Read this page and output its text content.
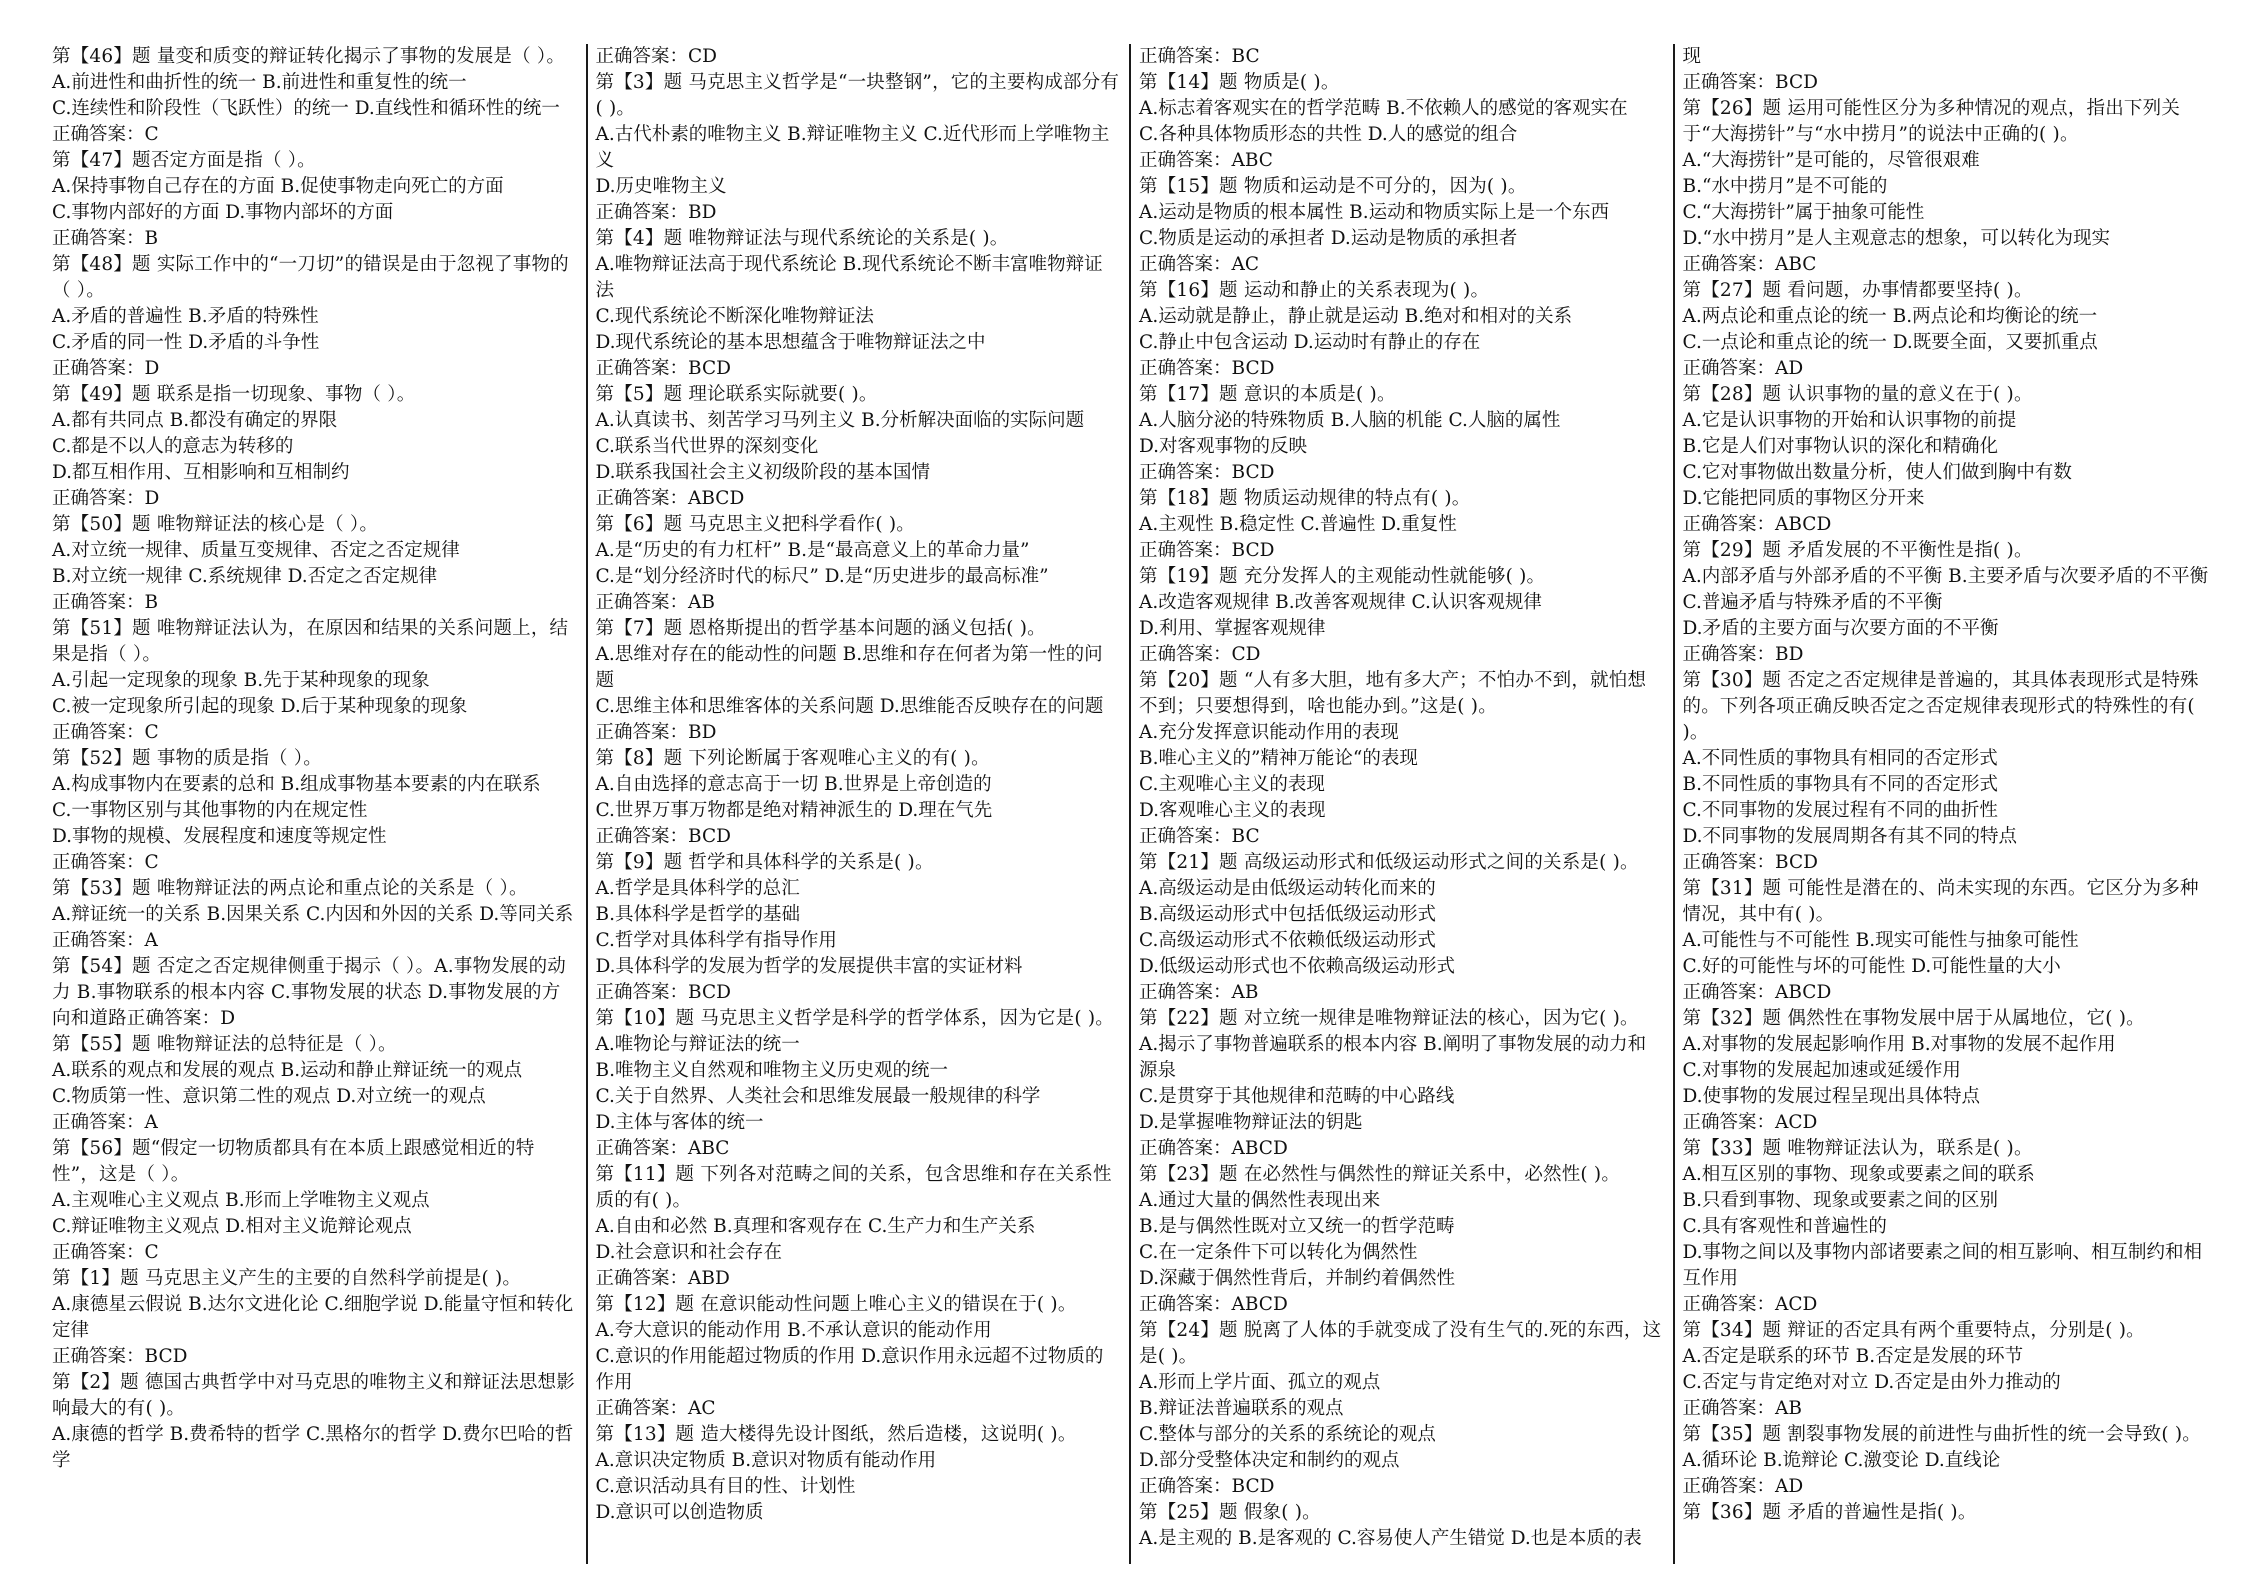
第【46】题 量变和质变的辩证转化揭示了事物的发展是（ ）。
A.前进性和曲折性的统一 B.前进性和重复性的统一
C.连续性和阶段性（飞跃性）的统一 D.直线性和循环性的统一
正确答案：C
第【47】题否定方面是指（ ）。
A.保持事物自己存在的方面 B.促使事物走向死亡的方面
C.事物内部好的方面 D.事物内部坏的方面
正确答案：B
第【48】题 实际工作中的“一刀切”的错误是由于忽视了事物的（ ）。
A.矛盾的普遍性 B.矛盾的特殊性
C.矛盾的同一性 D.矛盾的斗争性
正确答案：D
第【49】题 联系是指一切现象、事物（ ）。
A.都有共同点 B.都没有确定的界限
C.都是不以人的意志为转移的
D.都互相作用、互相影响和互相制约
正确答案：D
第【50】题 唯物辩证法的核心是（ ）。
A.对立统一规律、质量互变规律、否定之否定规律
B.对立统一规律 C.系统规律 D.否定之否定规律
正确答案：B
第【51】题 唯物辩证法认为，在原因和结果的关系问题上，结果是指（ ）。
A.引起一定现象的现象 B.先于某种现象的现象
C.被一定现象所引起的现象 D.后于某种现象的现象
正确答案：C
第【52】题 事物的质是指（ ）。
A.构成事物内在要素的总和 B.组成事物基本要素的内在联系
C.一事物区别与其他事物的内在规定性
D.事物的规模、发展程度和速度等规定性
正确答案：C
第【53】题 唯物辩证法的两点论和重点论的关系是（ ）。
A.辩证统一的关系 B.因果关系 C.内因和外因的关系 D.等同关系
正确答案：A
第【54】题 否定之否定规律侧重于揭示（ ）。A.事物发展的动力 B.事物联系的根本内容 C.事物发展的状态 D.事物发展的方向和道路正确答案：D
第【55】题 唯物辩证法的总特征是（ ）。
A.联系的观点和发展的观点 B.运动和静止辩证统一的观点
C.物质第一性、意识第二性的观点 D.对立统一的观点
正确答案：A
第【56】题“假定一切物质都具有在本质上跟感觉相近的特性”，这是（ ）。
A.主观唯心主义观点 B.形而上学唯物主义观点
C.辩证唯物主义观点 D.相对主义诡辩论观点
正确答案：C
第【1】题 马克思主义产生的主要的自然科学前提是( )。
A.康德星云假说 B.达尔文进化论 C.细胞学说 D.能量守恒和转化定律
正确答案：BCD
第【2】题 德国古典哲学中对马克思的唯物主义和辩证法思想影响最大的有( )。
A.康德的哲学 B.费希特的哲学 C.黑格尔的哲学 D.费尔巴哈的哲学
正确答案：CD
第【3】题 马克思主义哲学是“一块整钢”，它的主要构成部分有( )。
A.古代朴素的唯物主义 B.辩证唯物主义 C.近代形而上学唯物主义
D.历史唯物主义
正确答案：BD
第【4】题 唯物辩证法与现代系统论的关系是( )。
A.唯物辩证法高于现代系统论 B.现代系统论不断丰富唯物辩证法
C.现代系统论不断深化唯物辩证法
D.现代系统论的基本思想蕴含于唯物辩证法之中
正确答案：BCD
第【5】题 理论联系实际就要( )。
A.认真读书、刻苦学习马列主义 B.分析解决面临的实际问题
C.联系当代世界的深刻变化
D.联系我国社会主义初级阶段的基本国情
正确答案：ABCD
第【6】题 马克思主义把科学看作( )。
A.是“历史的有力杠杆” B.是“最高意义上的革命力量”
C.是“划分经济时代的标尺” D.是“历史进步的最高标准”
正确答案：AB
第【7】题 恩格斯提出的哲学基本问题的涵义包括( )。
A.思维对存在的能动性的问题 B.思维和存在何者为第一性的问题
C.思维主体和思维客体的关系问题 D.思维能否反映存在的问题
正确答案：BD
第【8】题 下列论断属于客观唯心主义的有( )。
A.自由选择的意志高于一切 B.世界是上帝创造的
C.世界万事万物都是绝对精神派生的 D.理在气先
正确答案：BCD
第【9】题 哲学和具体科学的关系是( )。
A.哲学是具体科学的总汇
B.具体科学是哲学的基础
C.哲学对具体科学有指导作用
D.具体科学的发展为哲学的发展提供丰富的实证材料
正确答案：BCD
第【10】题 马克思主义哲学是科学的哲学体系，因为它是( )。
A.唯物论与辩证法的统一
B.唯物主义自然观和唯物主义历史观的统一
C.关于自然界、人类社会和思维发展最一般规律的科学
D.主体与客体的统一
正确答案：ABC
第【11】题 下列各对范畴之间的关系，包含思维和存在关系性质的有( )。
A.自由和必然 B.真理和客观存在 C.生产力和生产关系
D.社会意识和社会存在
正确答案：ABD
第【12】题 在意识能动性问题上唯心主义的错误在于( )。
A.夸大意识的能动作用 B.不承认意识的能动作用
C.意识的作用能超过物质的作用 D.意识作用永远超不过物质的作用
正确答案：AC
第【13】题 造大楼得先设计图纸，然后造楼，这说明( )。
A.意识决定物质 B.意识对物质有能动作用
C.意识活动具有目的性、计划性
D.意识可以创造物质
正确答案：BC
第【14】题 物质是( )。
A.标志着客观实在的哲学范畴 B.不依赖人的感觉的客观实在
C.各种具体物质形态的共性 D.人的感觉的组合
正确答案：ABC
第【15】题 物质和运动是不可分的，因为( )。
A.运动是物质的根本属性 B.运动和物质实际上是一个东西
C.物质是运动的承担者 D.运动是物质的承担者
正确答案：AC
第【16】题 运动和静止的关系表现为( )。
A.运动就是静止，静止就是运动 B.绝对和相对的关系
C.静止中包含运动 D.运动时有静止的存在
正确答案：BCD
第【17】题 意识的本质是( )。
A.人脑分泌的特殊物质 B.人脑的机能 C.人脑的属性
D.对客观事物的反映
正确答案：BCD
第【18】题 物质运动规律的特点有( )。
A.主观性 B.稳定性 C.普遍性 D.重复性
正确答案：BCD
第【19】题 充分发挥人的主观能动性就能够( )。
A.改造客观规律 B.改善客观规律 C.认识客观规律
D.利用、掌握客观规律
正确答案：CD
第【20】题 “人有多大胆，地有多大产；不怕办不到，就怕想不到；只要想得到，啥也能办到。”这是( )。
A.充分发挥意识能动作用的表现
B.唯心主义的”精神万能论“的表现
C.主观唯心主义的表现
D.客观唯心主义的表现
正确答案：BC
第【21】题 高级运动形式和低级运动形式之间的关系是( )。
A.高级运动是由低级运动转化而来的
B.高级运动形式中包括低级运动形式
C.高级运动形式不依赖低级运动形式
D.低级运动形式也不依赖高级运动形式
正确答案：AB
第【22】题 对立统一规律是唯物辩证法的核心，因为它( )。
A.揭示了事物普遍联系的根本内容 B.阐明了事物发展的动力和源泉
C.是贯穿于其他规律和范畴的中心路线
D.是掌握唯物辩证法的钥匙
正确答案：ABCD
第【23】题 在必然性与偶然性的辩证关系中，必然性( )。
A.通过大量的偶然性表现出来
B.是与偶然性既对立又统一的哲学范畴
C.在一定条件下可以转化为偶然性
D.深藏于偶然性背后，并制约着偶然性
正确答案：ABCD
第【24】题 脱离了人体的手就变成了没有生气的.死的东西，这是( )。
A.形而上学片面、孤立的观点
B.辩证法普遍联系的观点
C.整体与部分的关系的系统论的观点
D.部分受整体决定和制约的观点
正确答案：BCD
第【25】题 假象( )。
A.是主观的 B.是客观的 C.容易使人产生错觉 D.也是本质的表
现
正确答案：BCD
第【26】题 运用可能性区分为多种情况的观点，指出下列关于“大海捞针”与“水中捞月”的说法中正确的( )。
A.“大海捞针”是可能的，尽管很艰难
B.“水中捞月”是不可能的
C.“大海捞针”属于抽象可能性
D.“水中捞月”是人主观意志的想象，可以转化为现实
正确答案：ABC
第【27】题 看问题，办事情都要坚持( )。
A.两点论和重点论的统一 B.两点论和均衡论的统一
C.一点论和重点论的统一 D.既要全面，又要抓重点
正确答案：AD
第【28】题 认识事物的量的意义在于( )。
A.它是认识事物的开始和认识事物的前提
B.它是人们对事物认识的深化和精确化
C.它对事物做出数量分析，使人们做到胸中有数
D.它能把同质的事物区分开来
正确答案：ABCD
第【29】题 矛盾发展的不平衡性是指( )。
A.内部矛盾与外部矛盾的不平衡 B.主要矛盾与次要矛盾的不平衡
C.普遍矛盾与特殊矛盾的不平衡
D.矛盾的主要方面与次要方面的不平衡
正确答案：BD
第【30】题 否定之否定规律是普遍的，其具体表现形式是特殊的。下列各项正确反映否定之否定规律表现形式的特殊性的有( )。
A.不同性质的事物具有相同的否定形式
B.不同性质的事物具有不同的否定形式
C.不同事物的发展过程有不同的曲折性
D.不同事物的发展周期各有其不同的特点
正确答案：BCD
第【31】题 可能性是潜在的、尚未实现的东西。它区分为多种情况，其中有( )。
A.可能性与不可能性 B.现实可能性与抽象可能性
C.好的可能性与坏的可能性 D.可能性量的大小
正确答案：ABCD
第【32】题 偶然性在事物发展中居于从属地位，它( )。
A.对事物的发展起影响作用 B.对事物的发展不起作用
C.对事物的发展起加速或延缓作用
D.使事物的发展过程呈现出具体特点
正确答案：ACD
第【33】题 唯物辩证法认为，联系是( )。
A.相互区别的事物、现象或要素之间的联系
B.只看到事物、现象或要素之间的区别
C.具有客观性和普遍性的
D.事物之间以及事物内部诸要素之间的相互影响、相互制约和相互作用
正确答案：ACD
第【34】题 辩证的否定具有两个重要特点，分别是( )。
A.否定是联系的环节 B.否定是发展的环节
C.否定与肯定绝对对立 D.否定是由外力推动的
正确答案：AB
第【35】题 割裂事物发展的前进性与曲折性的统一会导致( )。
A.循环论 B.诡辩论 C.激变论 D.直线论
正确答案：AD
第【36】题 矛盾的普遍性是指( )。
